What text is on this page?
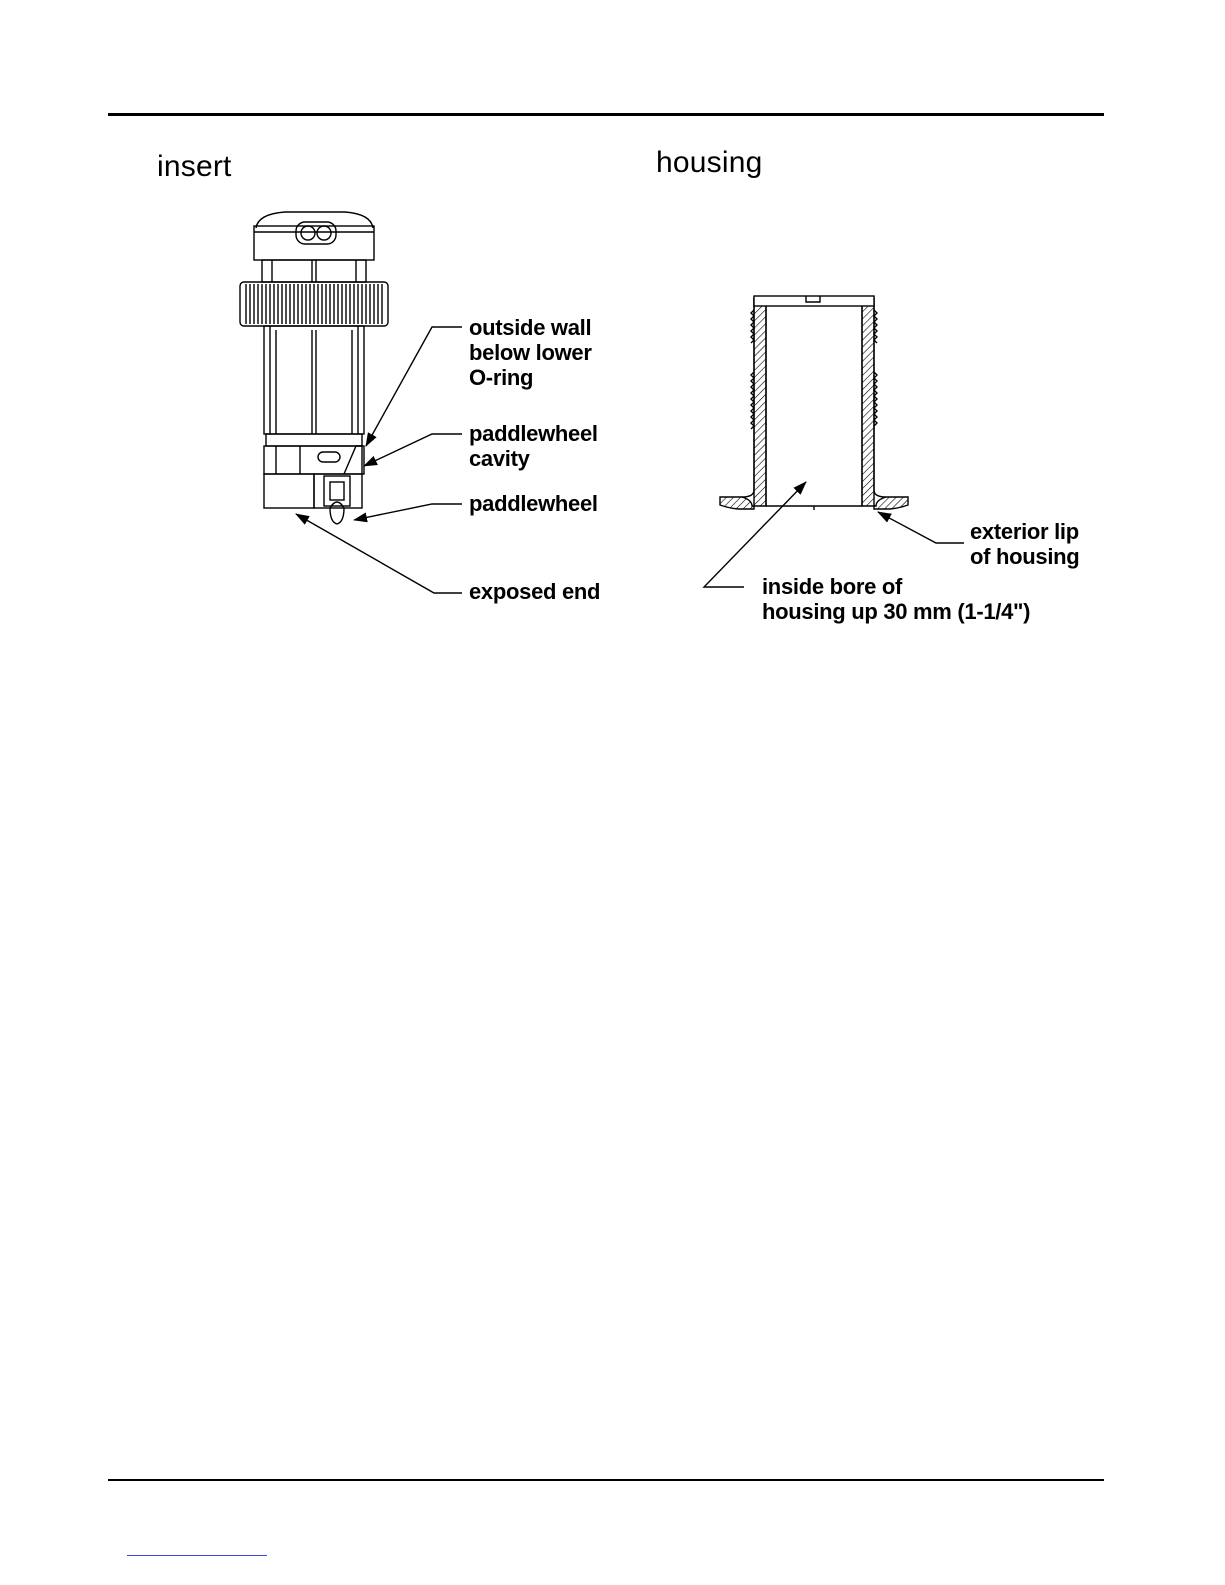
insert	housing
outside wall
below lower
O-ring
paddlewheel
cavity
paddlewheel
exposed end
exterior lip
of housing
inside bore of
housing up 30 mm (1-1/4")
